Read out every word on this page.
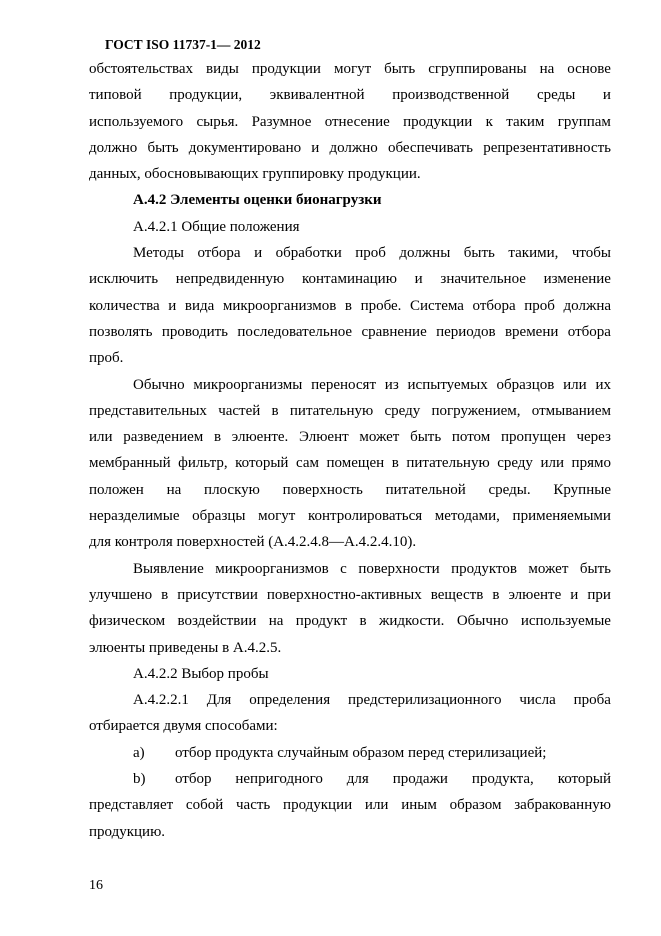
ГОСТ ISO 11737-1— 2012
обстоятельствах виды продукции могут быть сгруппированы на основе
типовой продукции, эквивалентной производственной среды и
используемого сырья. Разумное отнесение продукции к таким группам
должно быть документировано и должно обеспечивать репрезентативность

данных, обосновывающих группировку продукции.

А.4.2 Элементы оценки бионагрузки

А.4.2.1 Общие положения

Методы отбора и обработки проб должны быть такими, чтобы
исключить непредвиденную контаминацию и значительное изменение
количества и вида микроорганизмов в пробе. Система отбора проб должна
позволять проводить последовательное сравнение периодов времени отбора

проб.

Обычно микроорганизмы переносят из испытуемых образцов или их
представительных частей в питательную среду погружением, отмыванием
или разведением в элюенте. Элюент может быть потом пропущен через
мембранный фильтр, который сам помещен в питательную среду или прямо
положен на плоскую поверхность питательной среды. Крупные
неразделимые образцы могут контролироваться методами, применяемыми

для контроля поверхностей (А.4.2.4.8—А.4.2.4.10).

Выявление микроорганизмов с поверхности продуктов может быть
улучшено в присутствии поверхностно-активных веществ в элюенте и при
физическом воздействии на продукт в жидкости. Обычно используемые

элюенты приведены в А.4.2.5.

А.4.2.2 Выбор пробы

А.4.2.2.1 Для определения предстерилизационного числа проба

отбирается двумя способами:

a)	отбор продукта случайным образом перед стерилизацией;
b)	отбор непригодного для продажи продукта, который
представляет собой часть продукции или иным образом забракованную

продукцию.

16
